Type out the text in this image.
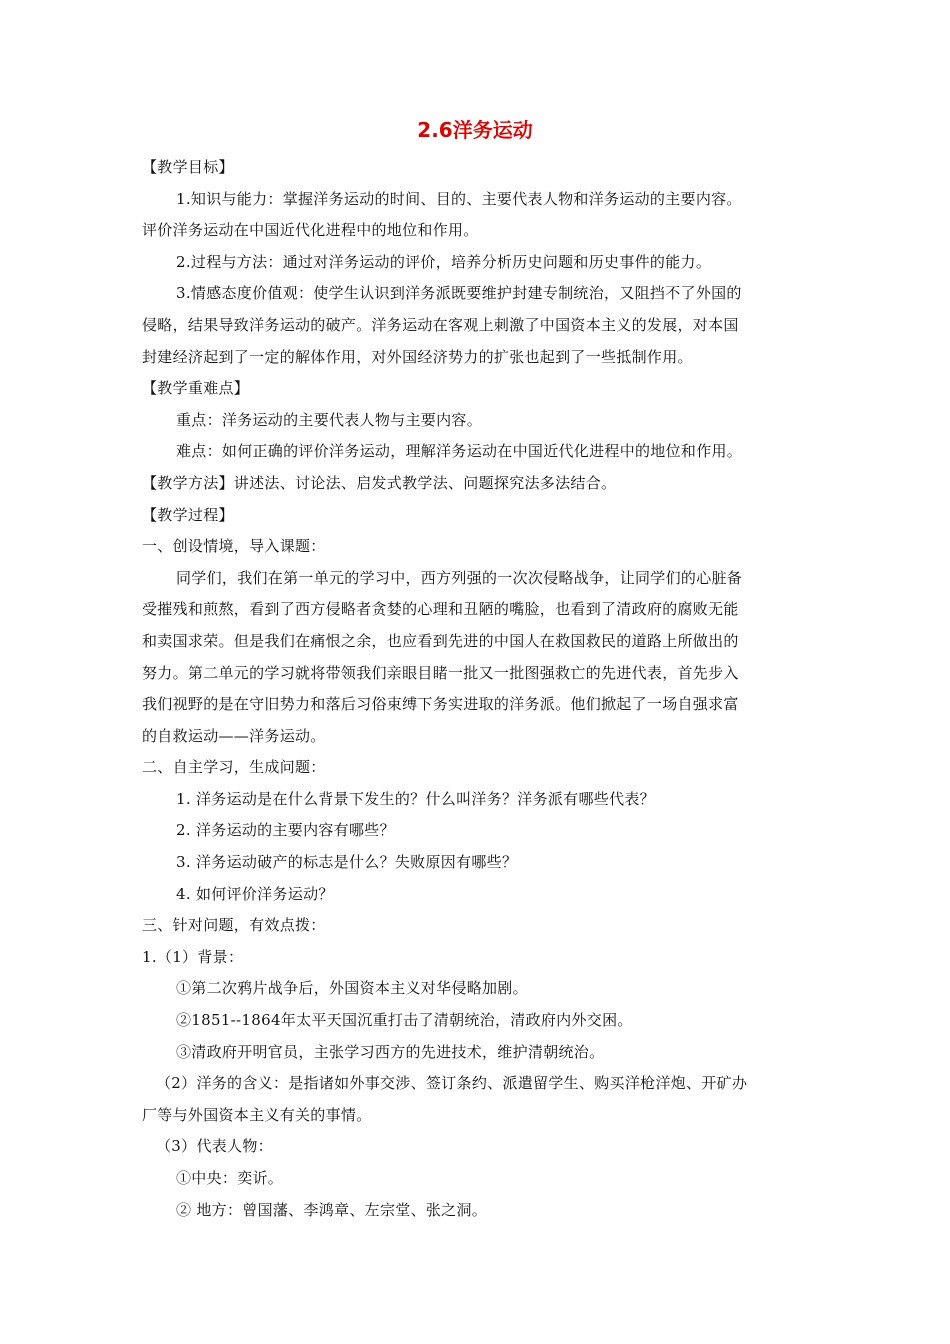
2.6洋务运动
【教学目标】
1.知识与能力：掌握洋务运动的时间、目的、主要代表人物和洋务运动的主要内容。
评价洋务运动在中国近代化进程中的地位和作用。
2.过程与方法：通过对洋务运动的评价，培养分析历史问题和历史事件的能力。
3.情感态度价值观：使学生认识到洋务派既要维护封建专制统治，又阻挡不了外国的
侵略，结果导致洋务运动的破产。洋务运动在客观上刺激了中国资本主义的发展，对本国
封建经济起到了一定的解体作用，对外国经济势力的扩张也起到了一些抵制作用。
【教学重难点】
重点：洋务运动的主要代表人物与主要内容。
难点：如何正确的评价洋务运动，理解洋务运动在中国近代化进程中的地位和作用。
【教学方法】讲述法、讨论法、启发式教学法、问题探究法多法结合。
【教学过程】
一、创设情境，导入课题：
同学们，我们在第一单元的学习中，西方列强的一次次侵略战争，让同学们的心脏备
受摧残和煎熬，看到了西方侵略者贪婪的心理和丑陋的嘴脸，也看到了清政府的腐败无能
和卖国求荣。但是我们在痛恨之余，也应看到先进的中国人在救国救民的道路上所做出的
努力。第二单元的学习就将带领我们亲眼目睹一批又一批图强救亡的先进代表，首先步入
我们视野的是在守旧势力和落后习俗束缚下务实进取的洋务派。他们掀起了一场自强求富
的自救运动——洋务运动。
二、自主学习，生成问题：
1. 洋务运动是在什么背景下发生的？什么叫洋务？洋务派有哪些代表？
2. 洋务运动的主要内容有哪些？
3. 洋务运动破产的标志是什么？失败原因有哪些？
4. 如何评价洋务运动？
三、针对问题，有效点拨：
1.（1）背景：
①第二次鸦片战争后，外国资本主义对华侵略加剧。
②1851--1864年太平天国沉重打击了清朝统治，清政府内外交困。
③清政府开明官员，主张学习西方的先进技术，维护清朝统治。
（2）洋务的含义：是指诸如外事交涉、签订条约、派遣留学生、购买洋枪洋炮、开矿办
厂等与外国资本主义有关的事情。
（3）代表人物：
①中央：奕䜣。
② 地方：曾国藩、李鸿章、左宗堂、张之洞。
